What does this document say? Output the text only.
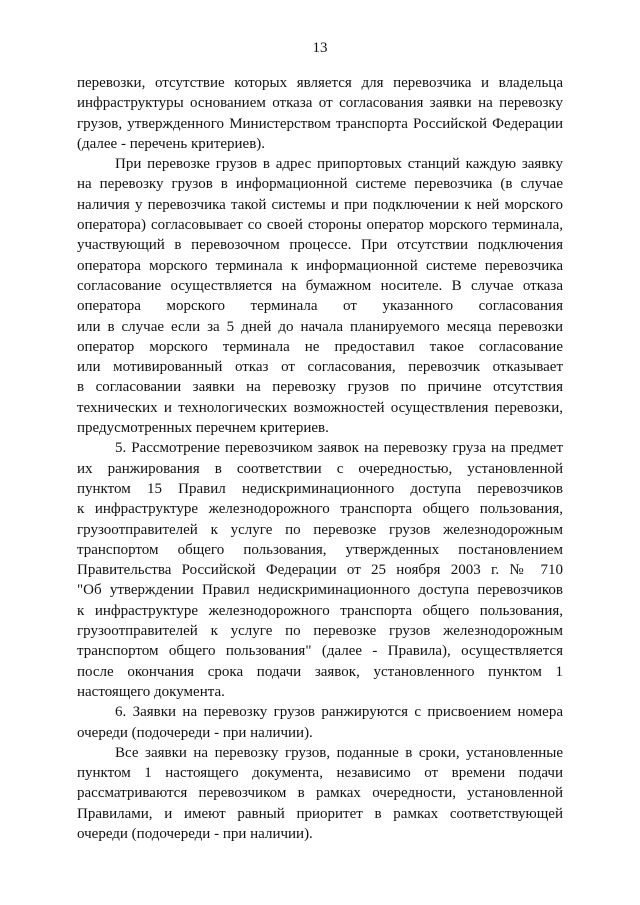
13
перевозки, отсутствие которых является для перевозчика и владельца
инфраструктуры основанием отказа от согласования заявки на перевозку
грузов, утвержденного Министерством транспорта Российской Федерации
(далее - перечень критериев).
При перевозке грузов в адрес припортовых станций каждую заявку
на перевозку грузов в информационной системе перевозчика (в случае
наличия у перевозчика такой системы и при подключении к ней морского
оператора) согласовывает со своей стороны оператор морского терминала,
участвующий в перевозочном процессе. При отсутствии подключения
оператора морского терминала к информационной системе перевозчика
согласование осуществляется на бумажном носителе. В случае отказа
оператора морского терминала от указанного согласования
или в случае если за 5 дней до начала планируемого месяца перевозки
оператор морского терминала не предоставил такое согласование
или мотивированный отказ от согласования, перевозчик отказывает
в согласовании заявки на перевозку грузов по причине отсутствия
технических и технологических возможностей осуществления перевозки,
предусмотренных перечнем критериев.
5. Рассмотрение перевозчиком заявок на перевозку груза на предмет
их ранжирования в соответствии с очередностью, установленной
пунктом 15 Правил недискриминационного доступа перевозчиков
к инфраструктуре железнодорожного транспорта общего пользования,
грузоотправителей к услуге по перевозке грузов железнодорожным
транспортом общего пользования, утвержденных постановлением
Правительства Российской Федерации от 25 ноября 2003 г. № 710
"Об утверждении Правил недискриминационного доступа перевозчиков
к инфраструктуре железнодорожного транспорта общего пользования,
грузоотправителей к услуге по перевозке грузов железнодорожным
транспортом общего пользования" (далее - Правила), осуществляется
после окончания срока подачи заявок, установленного пунктом 1
настоящего документа.
6. Заявки на перевозку грузов ранжируются с присвоением номера
очереди (подочереди - при наличии).
Все заявки на перевозку грузов, поданные в сроки, установленные
пунктом 1 настоящего документа, независимо от времени подачи
рассматриваются перевозчиком в рамках очередности, установленной
Правилами, и имеют равный приоритет в рамках соответствующей
очереди (подочереди - при наличии).
